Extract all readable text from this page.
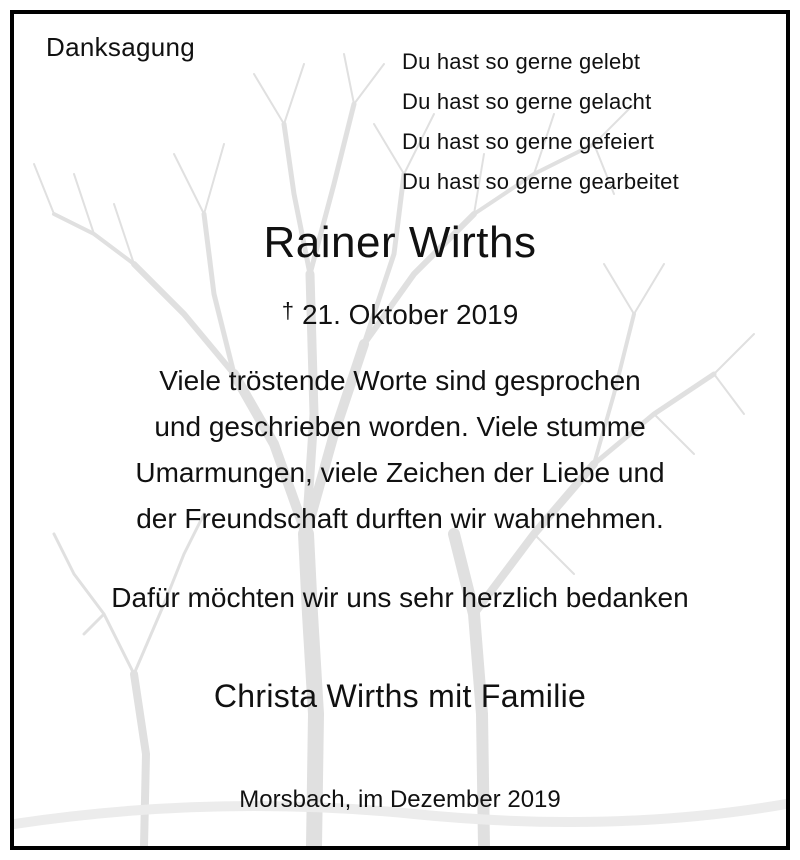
Danksagung	Du hast so gerne gelebt
Du hast so gerne gelacht
Du hast so gerne gefeiert
Du hast so gerne gearbeitet
Rainer Wirths
† 21. Oktober 2019
Viele tröstende Worte sind gesprochen
und geschrieben worden. Viele stumme
Umarmungen, viele Zeichen der Liebe und
der Freundschaft durften wir wahrnehmen.
Dafür möchten wir uns sehr herzlich bedanken
Christa Wirths mit Familie
Morsbach, im Dezember 2019
